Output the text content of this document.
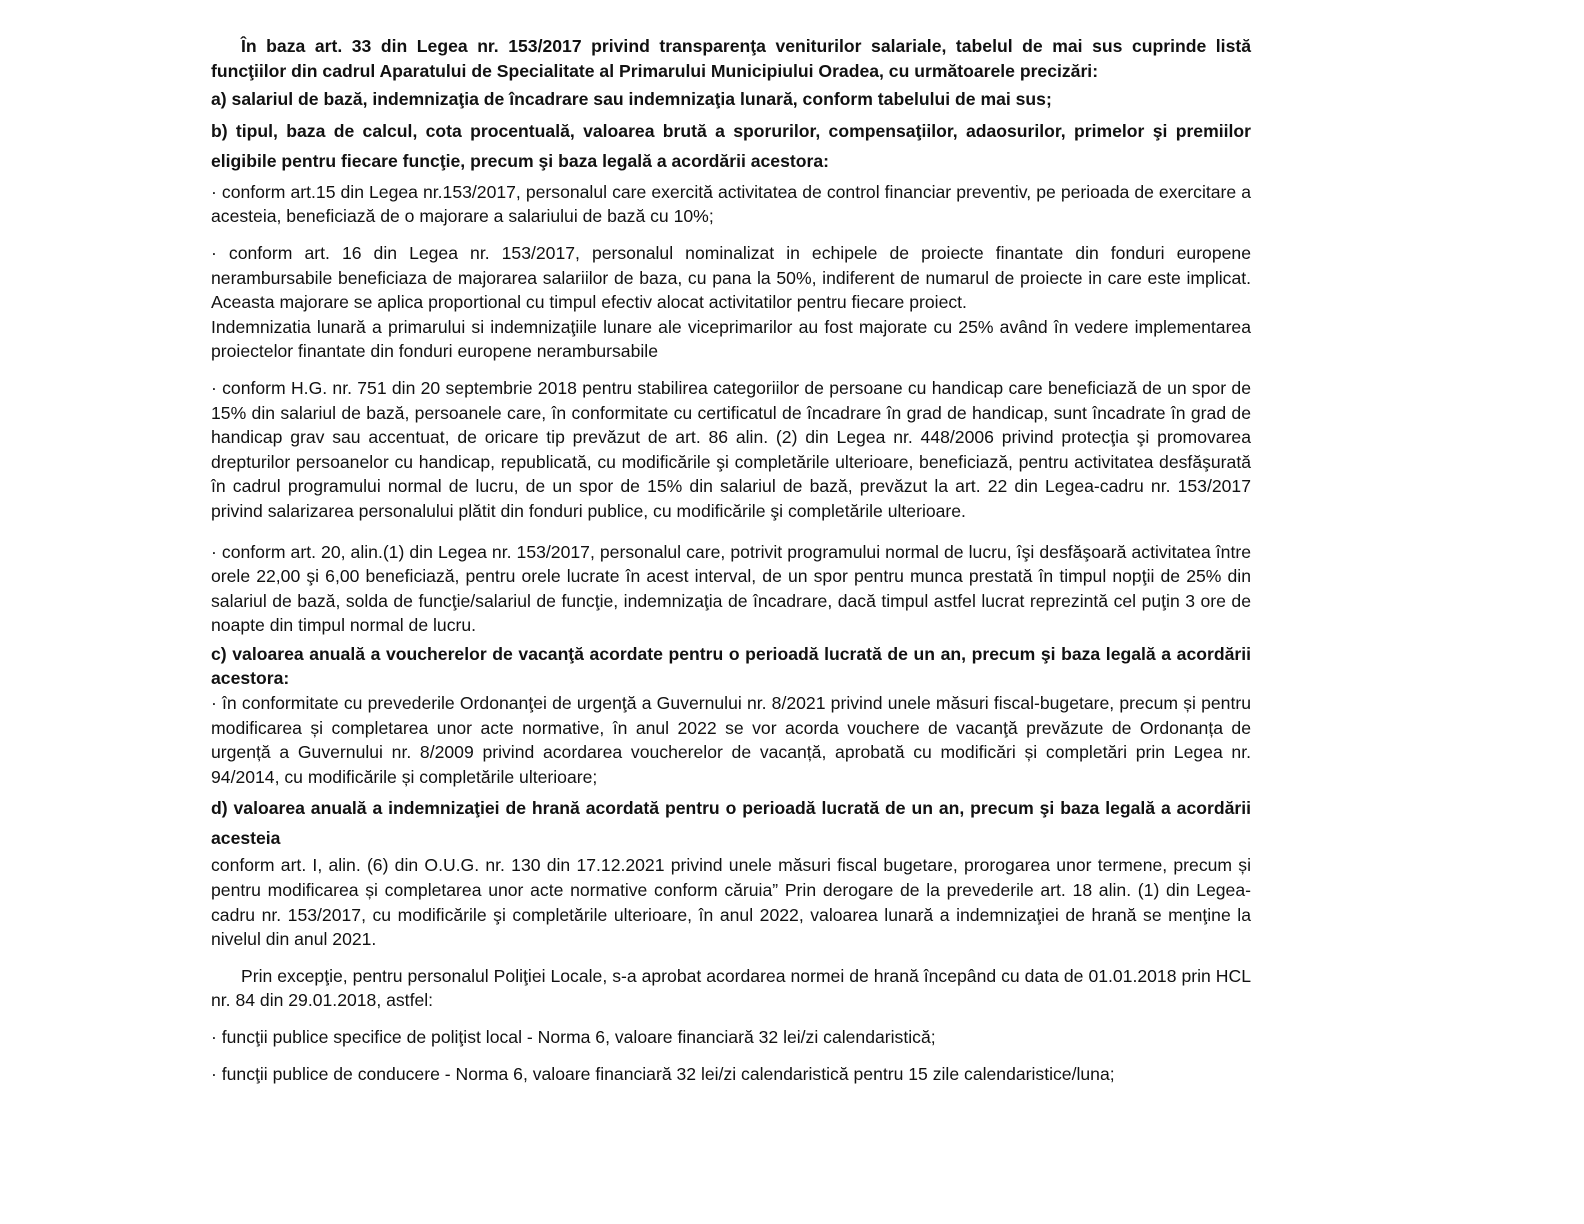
În baza art. 33 din Legea nr. 153/2017 privind transparenţa veniturilor salariale, tabelul de mai sus cuprinde listă funcţiilor din cadrul Aparatului de Specialitate al Primarului Municipiului Oradea, cu următoarele precizări:

a) salariul de bază, indemnizaţia de încadrare sau indemnizaţia lunară, conform tabelului de mai sus;

b) tipul, baza de calcul, cota procentuală, valoarea brută a sporurilor, compensaţiilor, adaosurilor, primelor şi premiilor eligibile pentru fiecare funcţie, precum şi baza legală a acordării acestora:

· conform art.15 din Legea nr.153/2017, personalul care exercită activitatea de control financiar preventiv, pe perioada de exercitare a acesteia, beneficiază de o majorare a salariului de bază cu 10%;

· conform art. 16 din Legea nr. 153/2017, personalul nominalizat in echipele de proiecte finantate din fonduri europene nerambursabile beneficiaza de majorarea salariilor de baza, cu pana la 50%, indiferent de numarul de proiecte in care este implicat. Aceasta majorare se aplica proportional cu timpul efectiv alocat activitatilor pentru fiecare proiect.

Indemnizatia lunară a primarului si indemnizaţiile lunare ale viceprimarilor au fost majorate cu 25% având în vedere implementarea proiectelor finantate din fonduri europene nerambursabile

· conform H.G. nr. 751 din 20 septembrie 2018 pentru stabilirea categoriilor de persoane cu handicap care beneficiază de un spor de 15% din salariul de bază, persoanele care, în conformitate cu certificatul de încadrare în grad de handicap, sunt încadrate în grad de handicap grav sau accentuat, de oricare tip prevăzut de art. 86 alin. (2) din Legea nr. 448/2006 privind protecţia şi promovarea drepturilor persoanelor cu handicap, republicată, cu modificările şi completările ulterioare, beneficiază, pentru activitatea desfăşurată în cadrul programului normal de lucru, de un spor de 15% din salariul de bază, prevăzut la art. 22 din Legea-cadru nr. 153/2017 privind salarizarea personalului plătit din fonduri publice, cu modificările şi completările ulterioare.

· conform art. 20, alin.(1) din Legea nr. 153/2017, personalul care, potrivit programului normal de lucru, îşi desfăşoară activitatea între orele 22,00 şi 6,00 beneficiază, pentru orele lucrate în acest interval, de un spor pentru munca prestată în timpul nopţii de 25% din salariul de bază, solda de funcţie/salariul de funcţie, indemnizaţia de încadrare, dacă timpul astfel lucrat reprezintă cel puţin 3 ore de noapte din timpul normal de lucru.

c) valoarea anuală a voucherelor de vacanţă acordate pentru o perioadă lucrată de un an, precum şi baza legală a acordării acestora:

· în conformitate cu prevederile Ordonanţei de urgenţă a Guvernului nr. 8/2021 privind unele măsuri fiscal-bugetare, precum și pentru modificarea și completarea unor acte normative, în anul 2022 se vor acorda vouchere de vacanţă prevăzute de Ordonanța de urgență a Guvernului nr. 8/2009 privind acordarea voucherelor de vacanță, aprobată cu modificări și completări prin Legea nr. 94/2014, cu modificările și completările ulterioare;

d) valoarea anuală a indemnizaţiei de hrană acordată pentru o perioadă lucrată de un an, precum şi baza legală a acordării acesteia

conform art. I, alin. (6) din O.U.G. nr. 130 din 17.12.2021 privind unele măsuri fiscal bugetare, prorogarea unor termene, precum și pentru modificarea și completarea unor acte normative conform căruia” Prin derogare de la prevederile art. 18 alin. (1) din Legea-cadru nr. 153/2017, cu modificările şi completările ulterioare, în anul 2022, valoarea lunară a indemnizaţiei de hrană se menţine la nivelul din anul 2021.

Prin excepţie, pentru personalul Poliţiei Locale, s-a aprobat acordarea normei de hrană începând cu data de 01.01.2018 prin HCL nr. 84 din 29.01.2018, astfel:

· funcţii publice specifice de poliţist local - Norma 6, valoare financiară 32 lei/zi calendaristică;

· funcţii publice de conducere - Norma 6, valoare financiară 32 lei/zi calendaristică pentru 15 zile calendaristice/luna;
